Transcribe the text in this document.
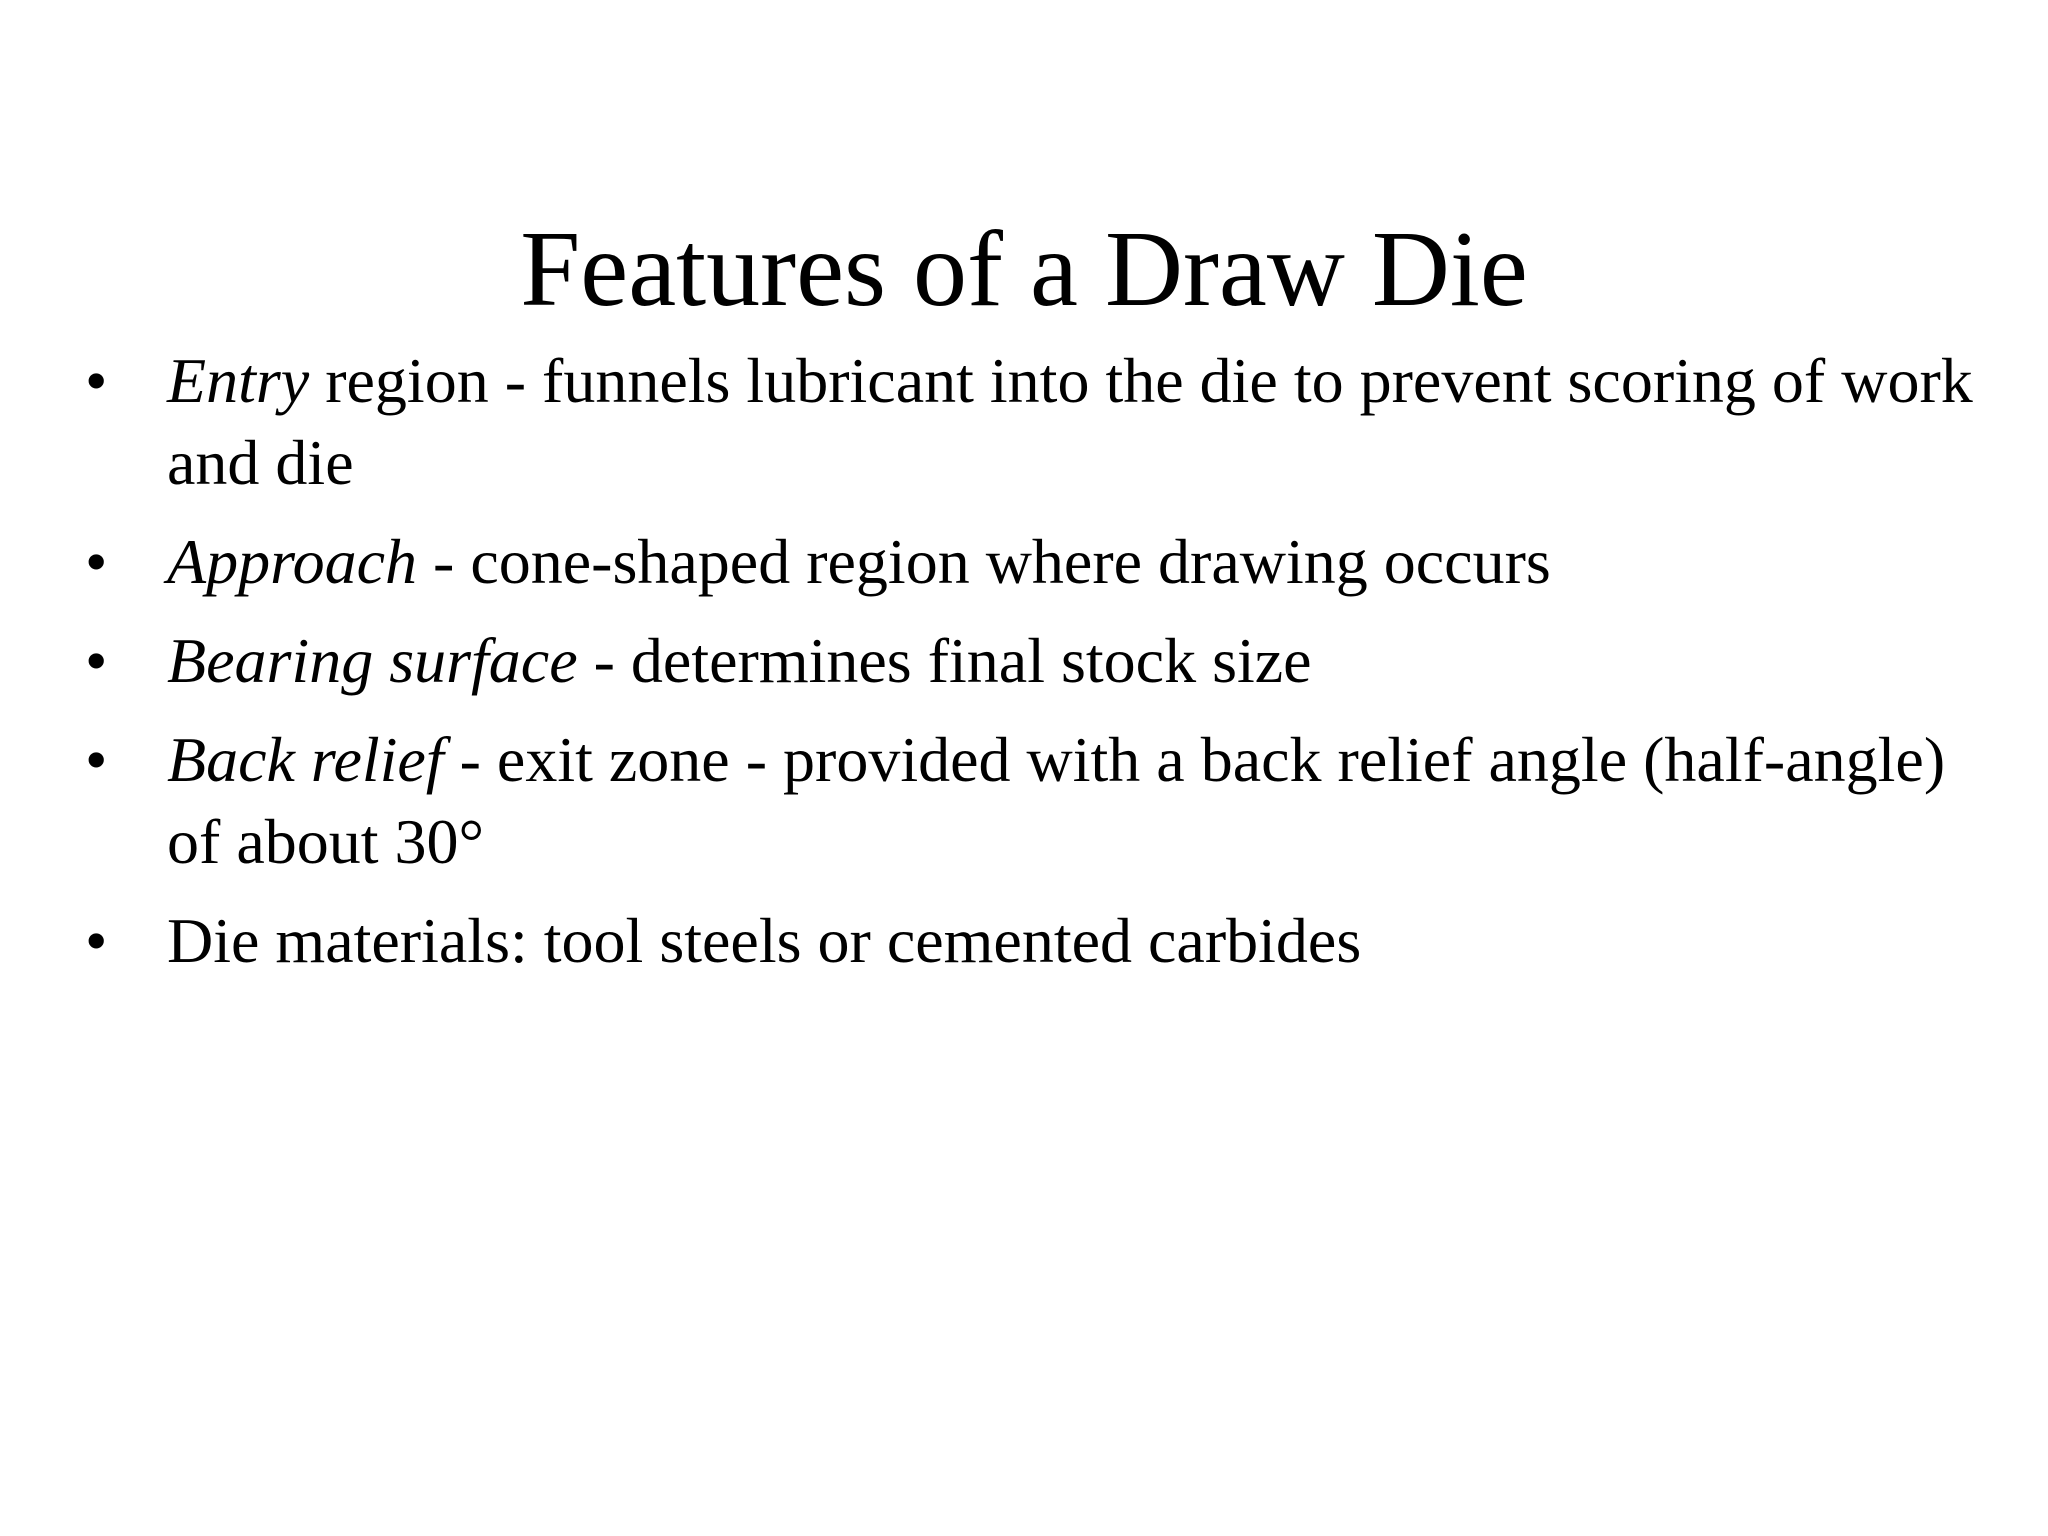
Features of a Draw Die
• Entry region - funnels lubricant into the die to prevent scoring of work and die
• Approach - cone-shaped region where drawing occurs
• Bearing surface - determines final stock size
• Back relief - exit zone - provided with a back relief angle (half-angle) of about 30°
• Die materials: tool steels or cemented carbides
